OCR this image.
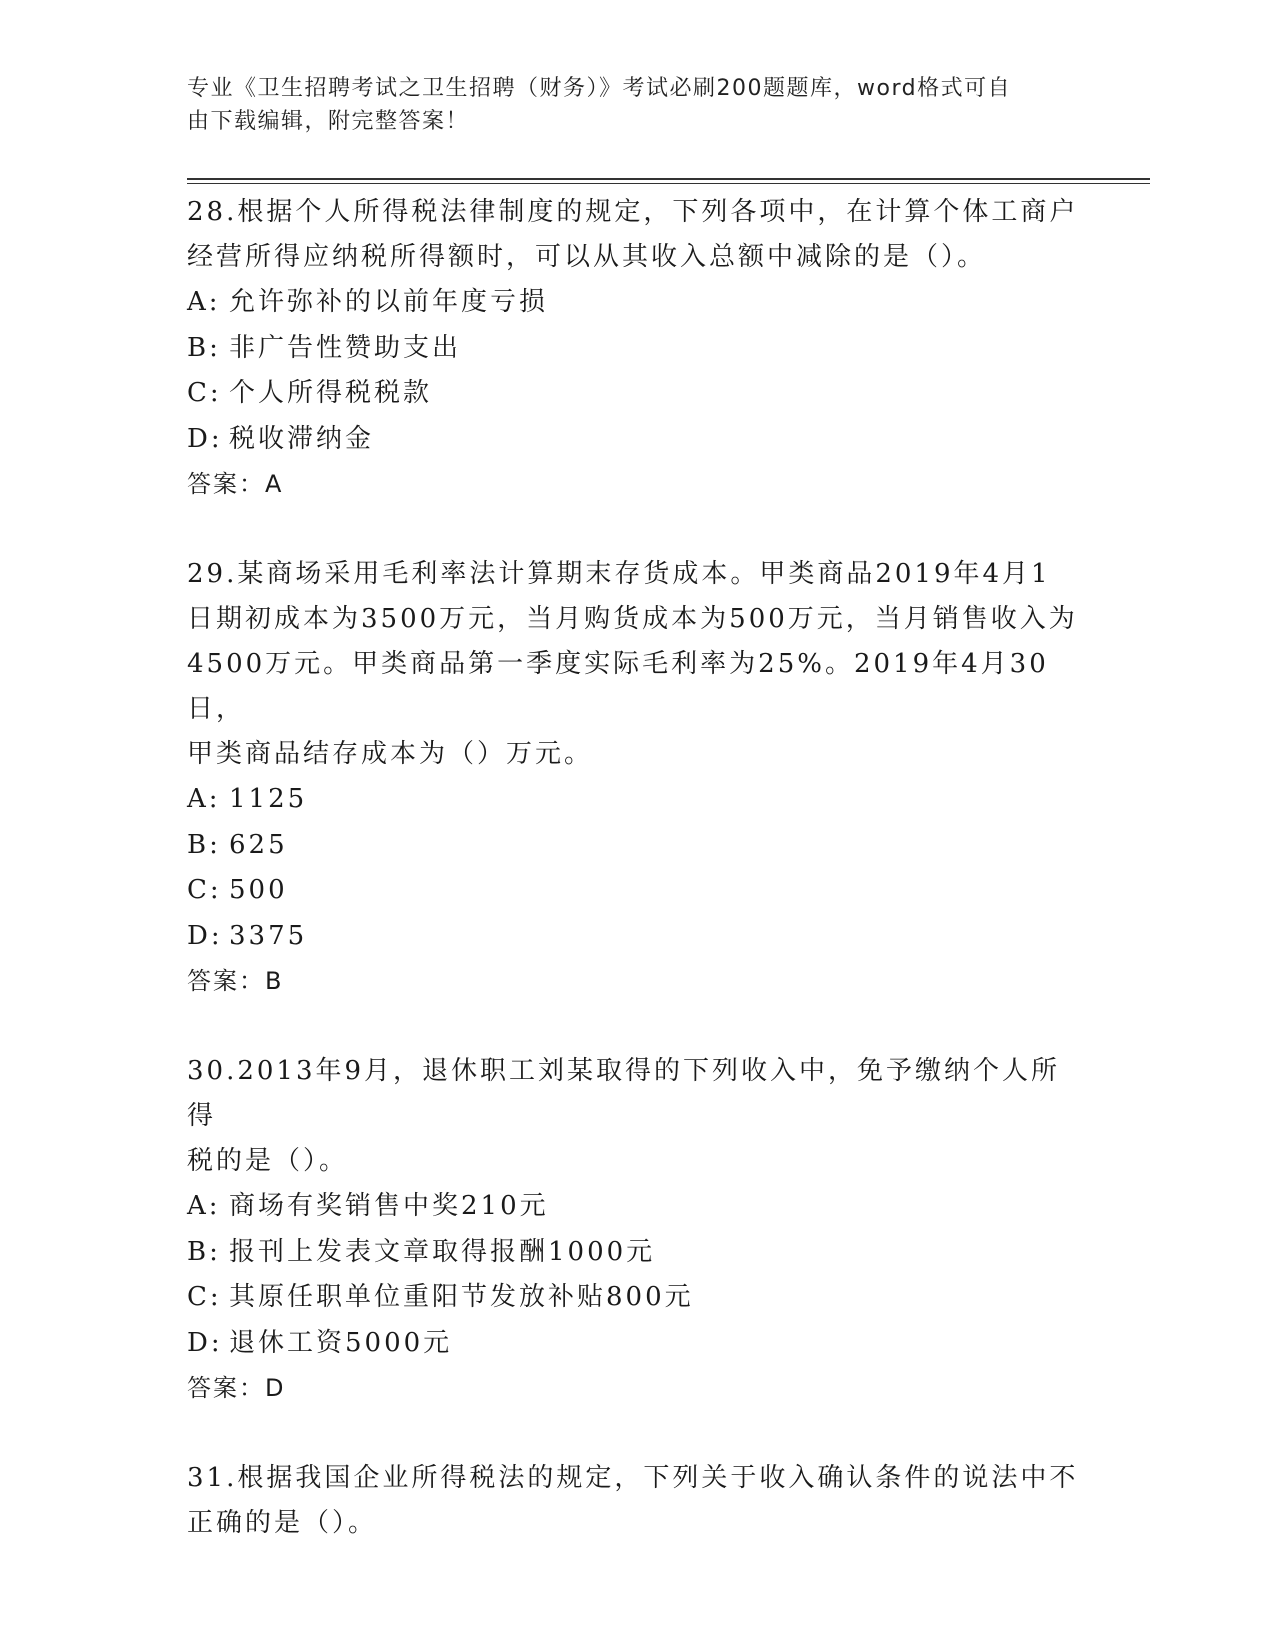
专业《卫生招聘考试之卫生招聘（财务）》考试必刷200题题库，word格式可自
由下载编辑，附完整答案！

28.根据个人所得税法律制度的规定，下列各项中，在计算个体工商户

经营所得应纳税所得额时，可以从其收入总额中减除的是（）。

A: 允许弥补的以前年度亏损
B: 非广告性赞助支出
C: 个人所得税税款
D: 税收滞纳金

答案：A

29.某商场采用毛利率法计算期末存货成本。甲类商品2019年4月1

日期初成本为3500万元，当月购货成本为500万元，当月销售收入为

4500万元。甲类商品第一季度实际毛利率为25%。2019年4月30日，

甲类商品结存成本为（）万元。

A: 1125
B: 625
C: 500
D: 3375

答案：B

30.2013年9月，退休职工刘某取得的下列收入中，免予缴纳个人所得

税的是（）。

A: 商场有奖销售中奖210元
B: 报刊上发表文章取得报酬1000元
C: 其原任职单位重阳节发放补贴800元
D: 退休工资5000元

答案：D

31.根据我国企业所得税法的规定，下列关于收入确认条件的说法中不

正确的是（）。
